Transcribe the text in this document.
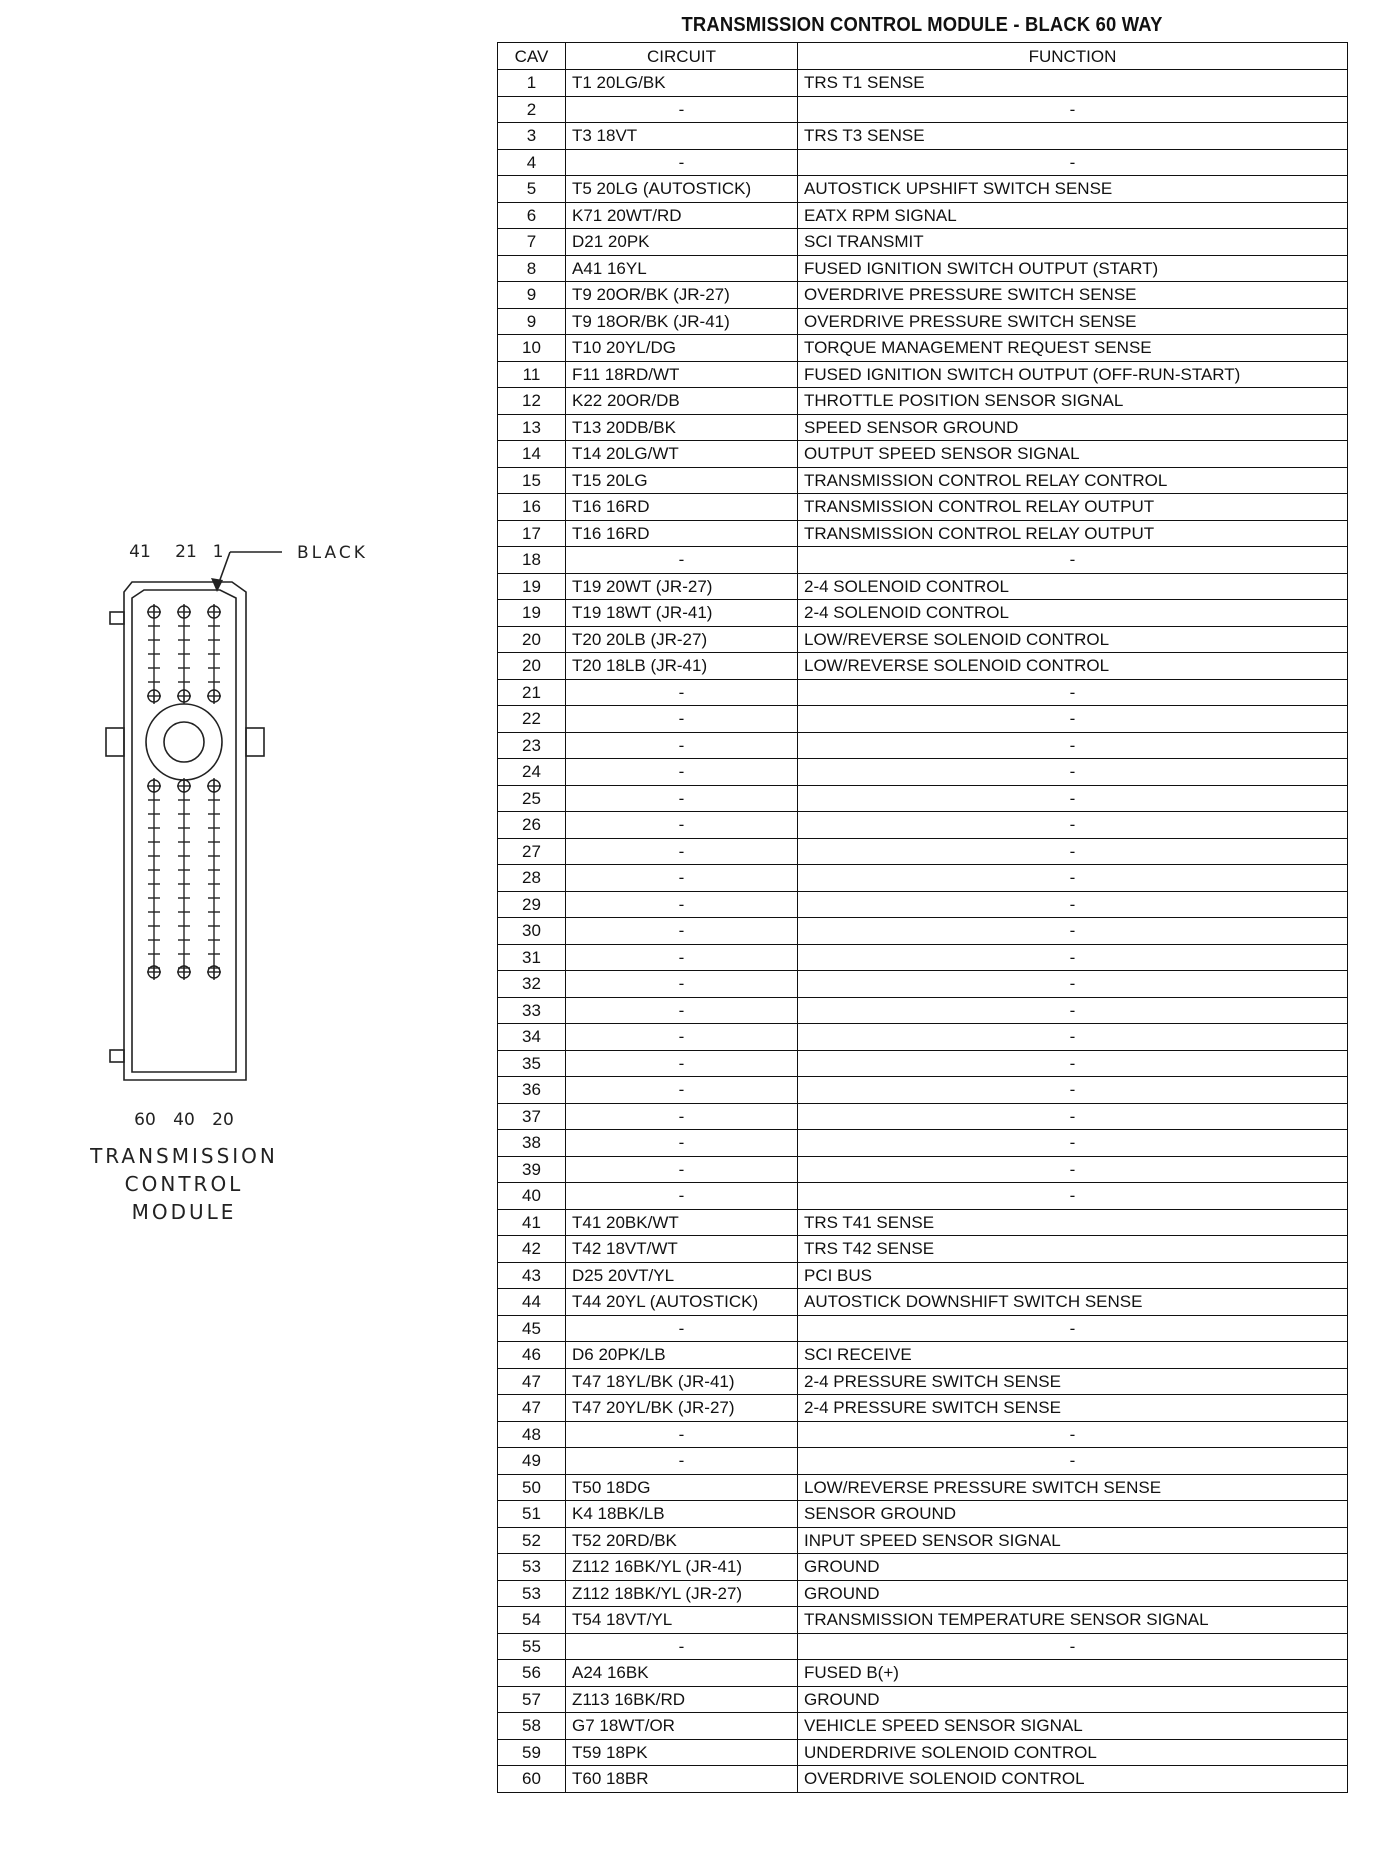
TRANSMISSION CONTROL MODULE - BLACK 60 WAY
CAV	CIRCUIT	FUNCTION
1	T1 20LG/BK	TRS T1 SENSE
2	-	-
3	T3 18VT	TRS T3 SENSE
4	-	-
5	T5 20LG (AUTOSTICK)	AUTOSTICK UPSHIFT SWITCH SENSE
6	K71 20WT/RD	EATX RPM SIGNAL
7	D21 20PK	SCI TRANSMIT
8	A41 16YL	FUSED IGNITION SWITCH OUTPUT (START)
9	T9 20OR/BK (JR-27)	OVERDRIVE PRESSURE SWITCH SENSE
9	T9 18OR/BK (JR-41)	OVERDRIVE PRESSURE SWITCH SENSE
10	T10 20YL/DG	TORQUE MANAGEMENT REQUEST SENSE
11	F11 18RD/WT	FUSED IGNITION SWITCH OUTPUT (OFF-RUN-START)
12	K22 20OR/DB	THROTTLE POSITION SENSOR SIGNAL
13	T13 20DB/BK	SPEED SENSOR GROUND
14	T14 20LG/WT	OUTPUT SPEED SENSOR SIGNAL
15	T15 20LG	TRANSMISSION CONTROL RELAY CONTROL
16	T16 16RD	TRANSMISSION CONTROL RELAY OUTPUT
17	T16 16RD	TRANSMISSION CONTROL RELAY OUTPUT
18	-	-
19	T19 20WT (JR-27)	2-4 SOLENOID CONTROL
19	T19 18WT (JR-41)	2-4 SOLENOID CONTROL
20	T20 20LB (JR-27)	LOW/REVERSE SOLENOID CONTROL
20	T20 18LB (JR-41)	LOW/REVERSE SOLENOID CONTROL
21	-	-
22	-	-
23	-	-
24	-	-
25	-	-
26	-	-
27	-	-
28	-	-
29	-	-
30	-	-
31	-	-
32	-	-
33	-	-
34	-	-
35	-	-
36	-	-
37	-	-
38	-	-
39	-	-
40	-	-
41	T41 20BK/WT	TRS T41 SENSE
42	T42 18VT/WT	TRS T42 SENSE
43	D25 20VT/YL	PCI BUS
44	T44 20YL (AUTOSTICK)	AUTOSTICK DOWNSHIFT SWITCH SENSE
45	-	-
46	D6 20PK/LB	SCI RECEIVE
47	T47 18YL/BK (JR-41)	2-4 PRESSURE SWITCH SENSE
47	T47 20YL/BK (JR-27)	2-4 PRESSURE SWITCH SENSE
48	-	-
49	-	-
50	T50 18DG	LOW/REVERSE PRESSURE SWITCH SENSE
51	K4 18BK/LB	SENSOR GROUND
52	T52 20RD/BK	INPUT SPEED SENSOR SIGNAL
53	Z112 16BK/YL (JR-41)	GROUND
53	Z112 18BK/YL (JR-27)	GROUND
54	T54 18VT/YL	TRANSMISSION TEMPERATURE SENSOR SIGNAL
55	-	-
56	A24 16BK	FUSED B(+)
57	Z113 16BK/RD	GROUND
58	G7 18WT/OR	VEHICLE SPEED SENSOR SIGNAL
59	T59 18PK	UNDERDRIVE SOLENOID CONTROL
60	T60 18BR	OVERDRIVE SOLENOID CONTROL
41 21 1	BLACK
60 40 20
TRANSMISSION
CONTROL
MODULE
